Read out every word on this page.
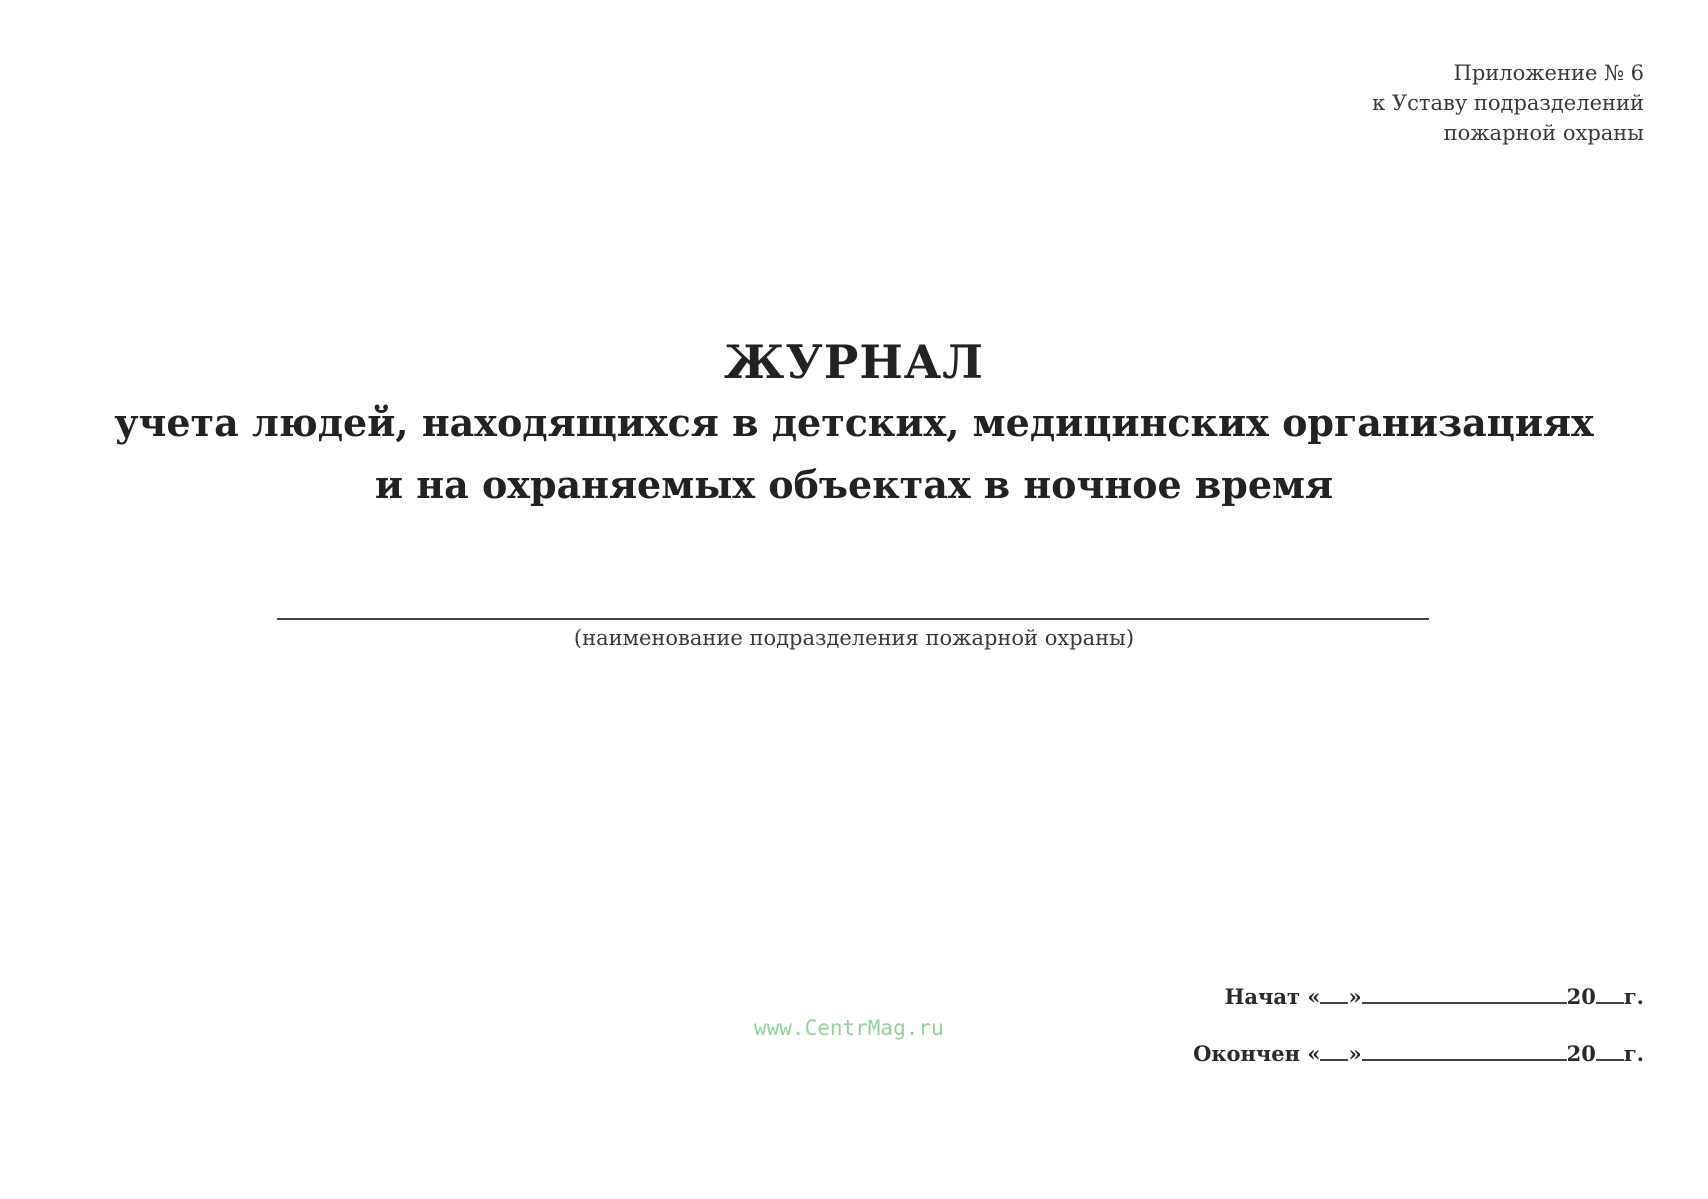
Приложение № 6
к Уставу подразделений
пожарной охраны
ЖУРНАЛ
учета людей, находящихся в детских, медицинских организациях
и на охраняемых объектах в ночное время
(наименование подразделения пожарной охраны)
www.CentrMag.ru
Начат « »	20 г.
Окончен « »	20 г.
